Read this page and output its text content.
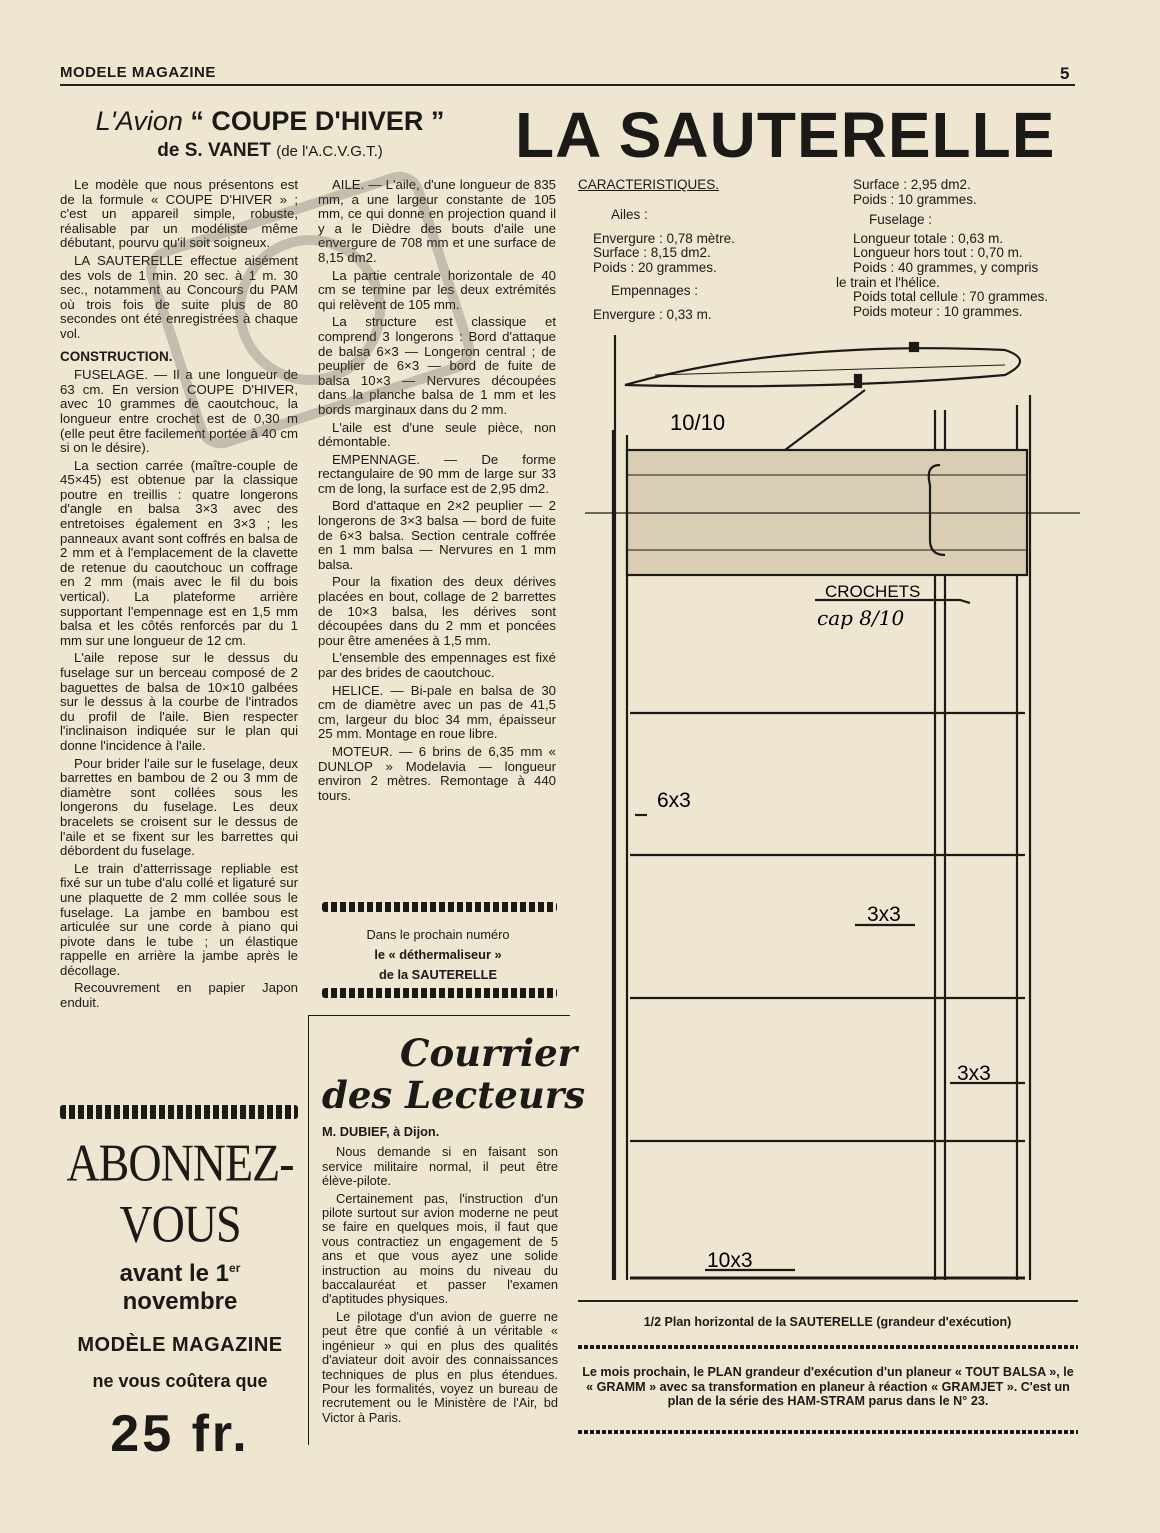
MODELE MAGAZINE	5
L'Avion “ COUPE D'HIVER ”
de S. VANET (de l'A.C.V.G.T.)	LA SAUTERELLE

Le modèle que nous présentons est de la formule « COUPE D'HIVER » ; c'est un appareil simple, robuste, réalisable par un modéliste même débutant, pourvu qu'il soit soigneux.

LA SAUTERELLE effectue aisément des vols de 1 min. 20 sec. à 1 m. 30 sec., notamment au Concours du PAM où trois fois de suite plus de 80 secondes ont été enregistrées à chaque vol.

CONSTRUCTION.

FUSELAGE. — Il a une longueur de 63 cm. En version COUPE D'HIVER, avec 10 grammes de caoutchouc, la longueur entre crochet est de 0,30 m (elle peut être facilement portée à 40 cm si on le désire).

La section carrée (maître-couple de 45×45) est obtenue par la classique poutre en treillis : quatre longerons d'angle en balsa 3×3 avec des entretoises également en 3×3 ; les panneaux avant sont coffrés en balsa de 2 mm et à l'emplacement de la clavette de retenue du caoutchouc un coffrage en 2 mm (mais avec le fil du bois vertical). La plateforme arrière supportant l'empennage est en 1,5 mm balsa et les côtés renforcés par du 1 mm sur une longueur de 12 cm.

L'aile repose sur le dessus du fuselage sur un berceau composé de 2 baguettes de balsa de 10×10 galbées sur le dessus à la courbe de l'intrados du profil de l'aile. Bien respecter l'inclinaison indiquée sur le plan qui donne l'incidence à l'aile.

Pour brider l'aile sur le fuselage, deux barrettes en bambou de 2 ou 3 mm de diamètre sont collées sous les longerons du fuselage. Les deux bracelets se croisent sur le dessus de l'aile et se fixent sur les barrettes qui débordent du fuselage.

Le train d'atterrissage repliable est fixé sur un tube d'alu collé et ligaturé sur une plaquette de 2 mm collée sous le fuselage. La jambe en bambou est articulée sur une corde à piano qui pivote dans le tube ; un élastique rappelle en arrière la jambe après le décollage.

Recouvrement en papier Japon enduit.

AILE. — L'aile, d'une longueur de 835 mm, a une largeur constante de 105 mm, ce qui donne en projection quand il y a le Dièdre des bouts d'aile une envergure de 708 mm et une surface de 8,15 dm2.

La partie centrale horizontale de 40 cm se termine par les deux extrémités qui relèvent de 105 mm.

La structure est classique et comprend 3 longerons : Bord d'attaque de balsa 6×3 — Longeron central ; de peuplier de 6×3 — bord de fuite de balsa 10×3 — Nervures découpées dans la planche balsa de 1 mm et les bords marginaux dans du 2 mm.

L'aile est d'une seule pièce, non démontable.

EMPENNAGE. — De forme rectangulaire de 90 mm de large sur 33 cm de long, la surface est de 2,95 dm2.

Bord d'attaque en 2×2 peuplier — 2 longerons de 3×3 balsa — bord de fuite de 6×3 balsa. Section centrale coffrée en 1 mm balsa — Nervures en 1 mm balsa.

Pour la fixation des deux dérives placées en bout, collage de 2 barrettes de 10×3 balsa, les dérives sont découpées dans du 2 mm et poncées pour être amenées à 1,5 mm.

L'ensemble des empennages est fixé par des brides de caoutchouc.

HELICE. — Bi-pale en balsa de 30 cm de diamètre avec un pas de 41,5 cm, largeur du bloc 34 mm, épaisseur 25 mm. Montage en roue libre.

MOTEUR. — 6 brins de 6,35 mm « DUNLOP » Modelavia — longueur environ 2 mètres. Remontage à 440 tours.

CARACTERISTIQUES.
Ailes :
Envergure : 0,78 mètre.
Surface : 8,15 dm2.
Poids : 20 grammes.
Empennages :
Envergure : 0,33 m.
Surface : 2,95 dm2.
Poids : 10 grammes.
Fuselage :
Longueur totale : 0,63 m.
Longueur hors tout : 0,70 m.
Poids : 40 grammes, y compris
le train et l'hélice.
Poids total cellule : 70 grammes.
Poids moteur : 10 grammes.
10/10
CROCHETS
cap 8/10
6x3
3x3
3x3
10x3
1/2 Plan horizontal de la SAUTERELLE (grandeur d'exécution)
Le mois prochain, le PLAN grandeur d'exécution d'un planeur « TOUT BALSA », le « GRAMM » avec sa transformation en planeur à réaction « GRAMJET ». C'est un plan de la série des HAM-STRAM parus dans le N° 23.
Dans le prochain numéro
le « déthermaliseur »
de la SAUTERELLE
Courrier
des Lecteurs
M. DUBIEF, à Dijon.

Nous demande si en faisant son service militaire normal, il peut être élève-pilote.

Certainement pas, l'instruction d'un pilote surtout sur avion moderne ne peut se faire en quelques mois, il faut que vous contractiez un engagement de 5 ans et que vous ayez une solide instruction au moins du niveau du baccalauréat et passer l'examen d'aptitudes physiques.

Le pilotage d'un avion de guerre ne peut être que confié à un véritable « ingénieur » qui en plus des qualités d'aviateur doit avoir des connaissances techniques de plus en plus étendues. Pour les formalités, voyez un bureau de recrutement ou le Ministère de l'Air, bd Victor à Paris.

ABONNEZ-VOUS
avant le 1er novembre
MODÈLE MAGAZINE
ne vous coûtera que
25 fr.
